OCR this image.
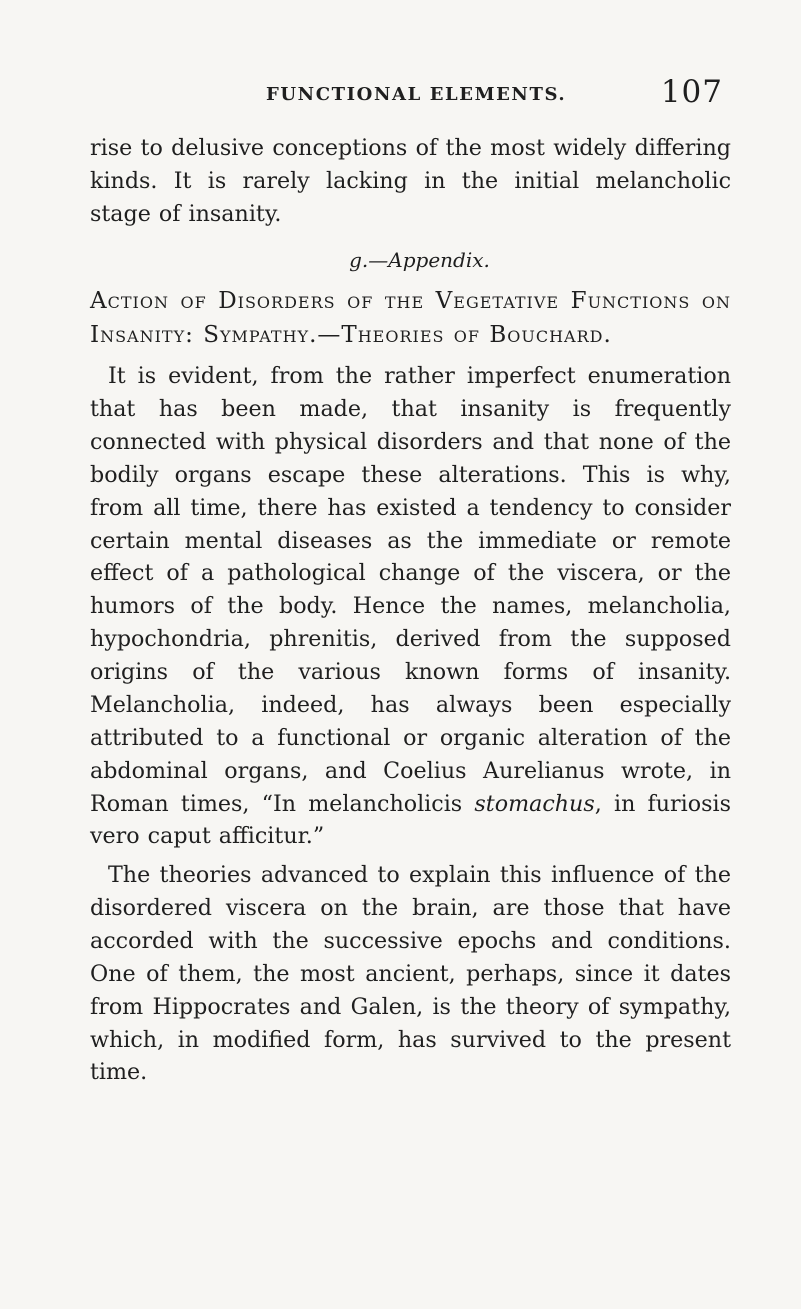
FUNCTIONAL ELEMENTS.	107

rise to delusive conceptions of the most widely differing kinds. It is rarely lacking in the initial melancholic stage of insanity.

g.—Appendix.

Action of Disorders of the Vegetative Functions on Insanity: Sympathy.—Theories of Bouchard.

It is evident, from the rather imperfect enumeration that has been made, that insanity is frequently connected with physical disorders and that none of the bodily organs escape these alterations. This is why, from all time, there has existed a tendency to consider certain mental diseases as the immediate or remote effect of a pathological change of the viscera, or the humors of the body. Hence the names, melancholia, hypochondria, phrenitis, derived from the supposed origins of the various known forms of insanity. Melancholia, indeed, has always been especially attributed to a functional or organic alteration of the abdominal organs, and Coelius Aurelianus wrote, in Roman times, “In melancholicis stomachus, in furiosis vero caput afficitur.”

The theories advanced to explain this influence of the disordered viscera on the brain, are those that have accorded with the successive epochs and conditions. One of them, the most ancient, perhaps, since it dates from Hippocrates and Galen, is the theory of sympathy, which, in modified form, has survived to the present time.
